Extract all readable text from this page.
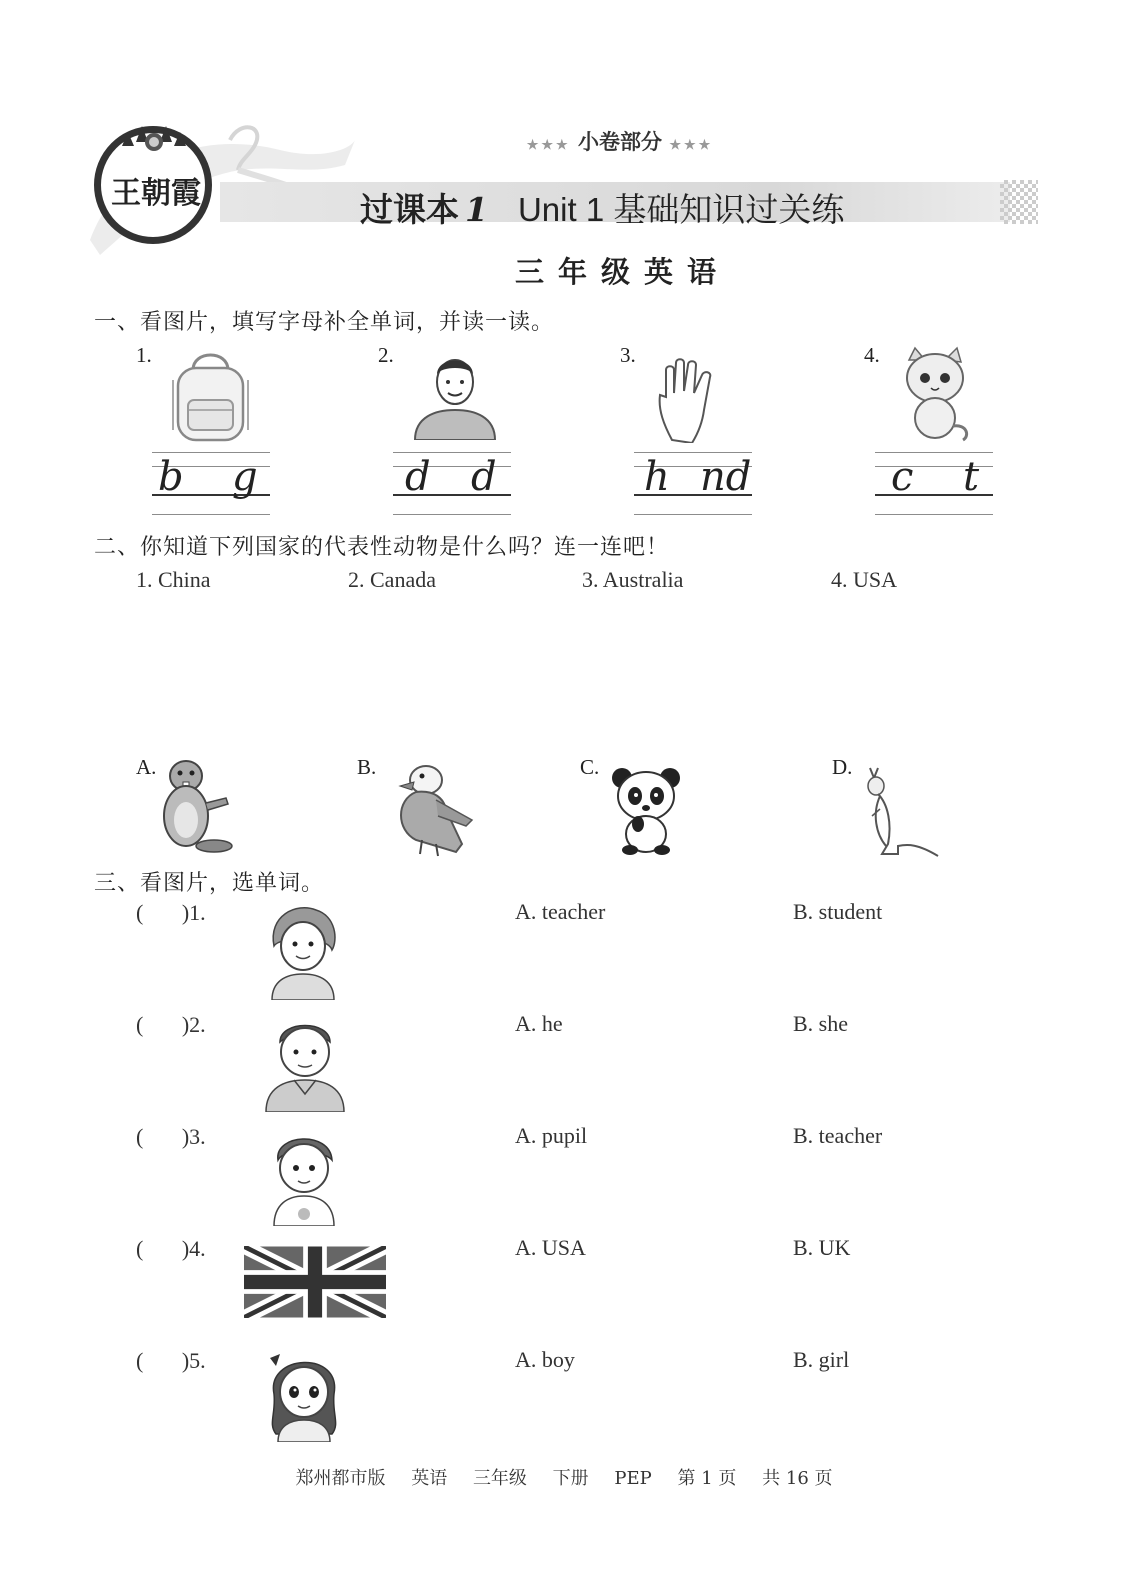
王朝霞
★★★ 小卷部分 ★★★
过课本 1 Unit 1 基础知识过关练
三年级英语
一、看图片，填写字母补全单词，并读一读。
1.
b g
2.
d d
3.
h nd
4.
c t
二、你知道下列国家的代表性动物是什么吗？连一连吧！
1. China	2. Canada	3. Australia	4. USA
A.	B.	C.	D.
三、看图片，选单词。
(       )1.	A. teacher	B. student
(       )2.	A. he	B. she
(       )3.	A. pupil	B. teacher
(       )4.	A. USA	B. UK
(       )5.	A. boy	B. girl
郑州都市版 英语 三年级 下册 PEP 第 1 页 共 16 页
